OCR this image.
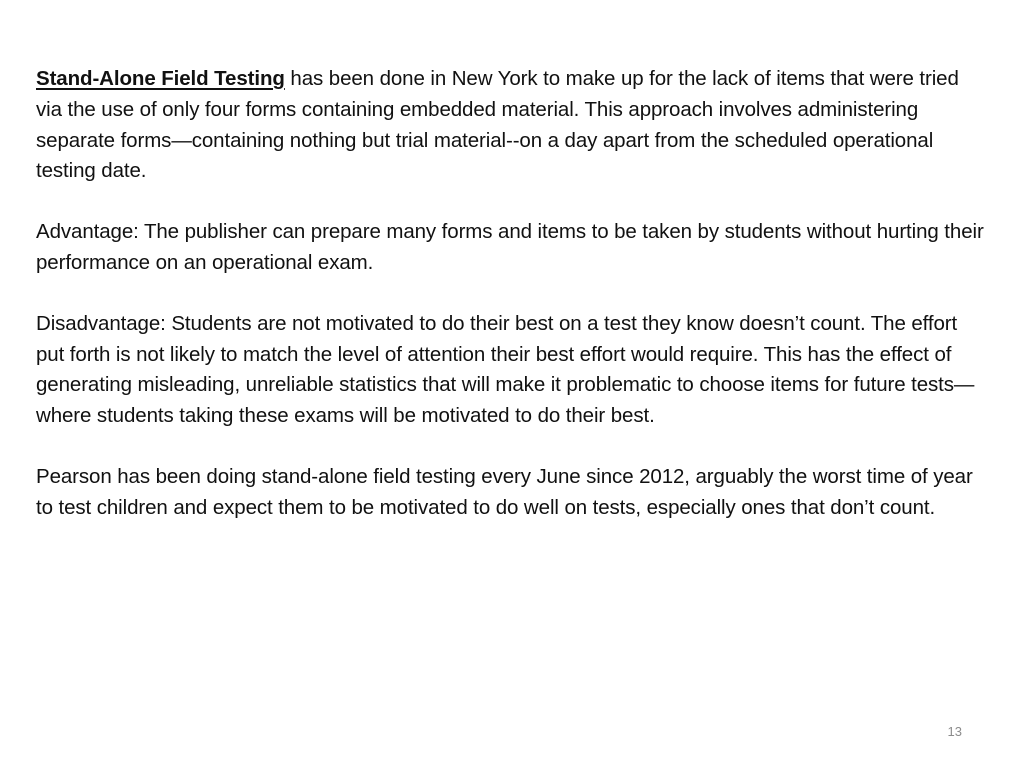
Stand-Alone Field Testing has been done in New York to make up for the lack of items that were tried via the use of only four forms containing embedded material. This approach involves administering separate forms—containing nothing but trial material--on a day apart from the scheduled operational testing date.

Advantage: The publisher can prepare many forms and items to be taken by students without hurting their performance on an operational exam.

Disadvantage: Students are not motivated to do their best on a test they know doesn’t count. The effort put forth is not likely to match the level of attention their best effort would require. This has the effect of generating misleading, unreliable statistics that will make it problematic to choose items for future tests—where students taking these exams will be motivated to do their best.

Pearson has been doing stand-alone field testing every June since 2012, arguably the worst time of year to test children and expect them to be motivated to do well on tests, especially ones that don’t count.

13
